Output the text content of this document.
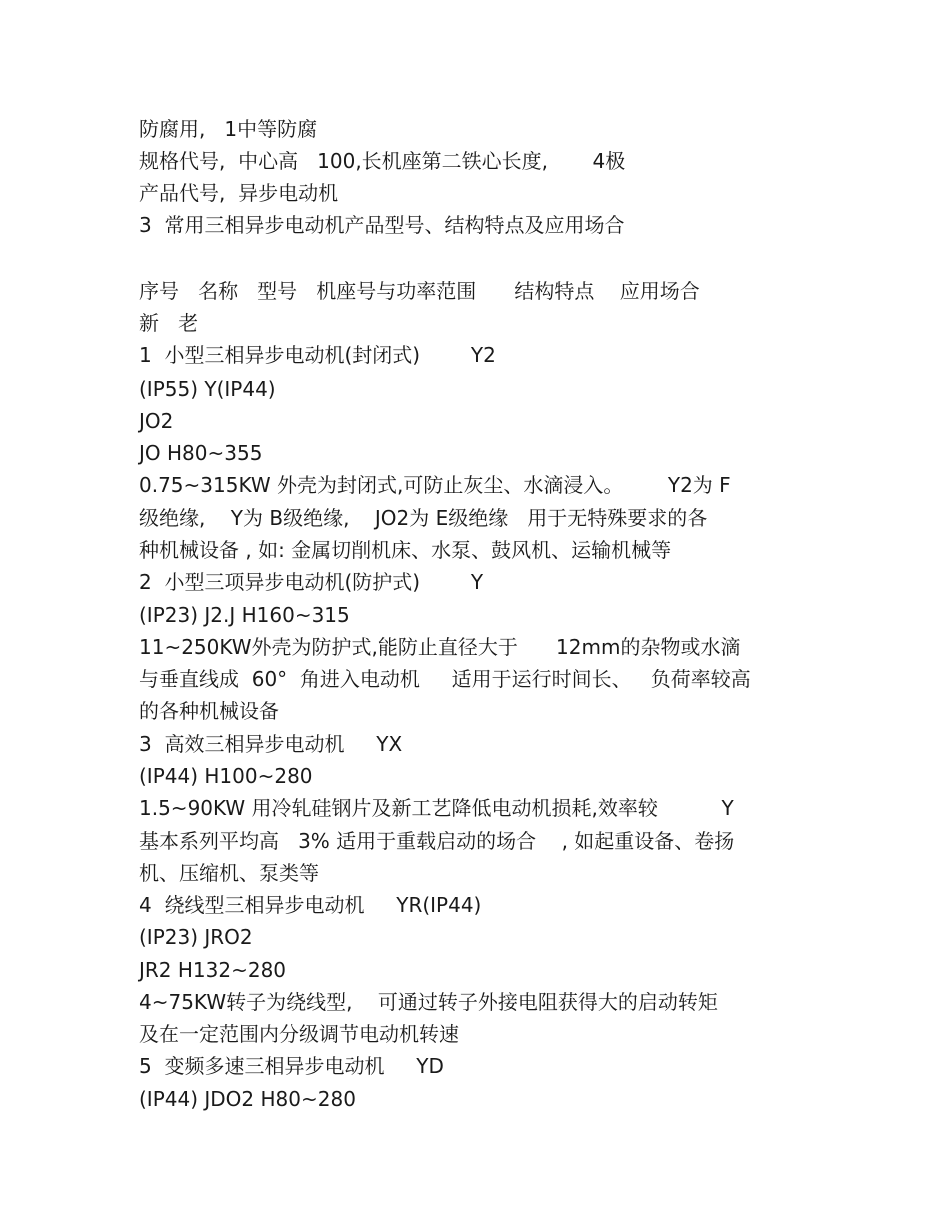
防腐用,   1中等防腐
规格代号,  中心高   100,长机座第二铁心长度,       4极
产品代号,  异步电动机
3  常用三相异步电动机产品型号、结构特点及应用场合
序号   名称   型号   机座号与功率范围      结构特点    应用场合
新   老
1  小型三相异步电动机(封闭式)        Y2
(IP55) Y(IP44)
JO2
JO H80~355
0.75~315KW 外壳为封闭式,可防止灰尘、水滴浸入。       Y2为 F
级绝缘,    Y为 B级绝缘,    JO2为 E级绝缘   用于无特殊要求的各
种机械设备 , 如: 金属切削机床、水泵、鼓风机、运输机械等
2  小型三项异步电动机(防护式)        Y
(IP23) J2.J H160~315
11~250KW外壳为防护式,能防止直径大于      12mm的杂物或水滴
与垂直线成  60°  角进入电动机     适用于运行时间长、   负荷率较高
的各种机械设备
3  高效三相异步电动机     YX
(IP44) H100~280
1.5~90KW 用冷轧硅钢片及新工艺降低电动机损耗,效率较          Y
基本系列平均高   3% 适用于重载启动的场合    , 如起重设备、卷扬
机、压缩机、泵类等
4  绕线型三相异步电动机     YR(IP44)
(IP23) JRO2
JR2 H132~280
4~75KW转子为绕线型,    可通过转子外接电阻获得大的启动转矩
及在一定范围内分级调节电动机转速
5  变频多速三相异步电动机     YD
(IP44) JDO2 H80~280
